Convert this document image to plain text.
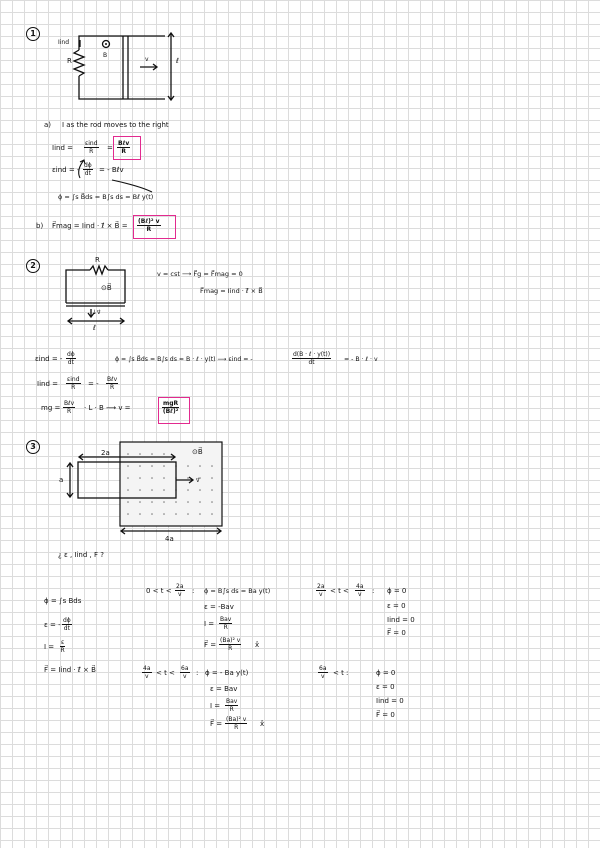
1
Iind
R
B
v	ℓ
a) I as the rod moves to the right
Iind =
εind
R	=
Bℓv
R
εind = - $\frac{d\phi}{dt}$ = - Bℓv
ϕ = ∫s B⃗ds = B∫s ds = Bℓ y(t)
b) F⃗mag = Iind · ℓ⃗ × B⃗ =
(Bℓ)² v
R
2
R
⊙B⃗
↓v⃗
ℓ
v = cst ⟶ F⃗g = F⃗mag = 0
F⃗mag = Iind · ℓ⃗ × B⃗
εind = - $\frac{d\phi}{dt}$	ϕ = ∫s B⃗ds = B∫s ds = B · ℓ · y(t) ⟶ εind = -
d(B · ℓ · y(t))
dt	= - B · ℓ · v
Iind =
εind
R	= -
Bℓv
R
mg =
Bℓv
R	· L · B ⟶ v =
mgR
(Bℓ)²
3
2a
a
⊙B⃗
v⃗
4a
¿ ε , Iind , F ?
ϕ = ∫s Bds
ε = - $\frac{d\phi}{dt}$
$I = \frac{\varepsilon}{R}$
F⃗ = Iind · ℓ⃗ × B⃗
$0 < t < \frac{2a}{v}$ : ϕ = B∫s ds = Ba y(t)
ε = -Bav
I =
Bav
R
F⃗ = $\frac{\text{(Ba)² v}}{R}$ x̂
$\frac{2a}{v} < t < \frac{4a}{v}$ : ϕ = 0
ε = 0
Iind = 0
F⃗ = 0
$\frac{4a}{v} < t < \frac{6a}{v}$ : ϕ = - Ba y(t)
ε = Bav
I =
Bav
R
F⃗ = $\frac{\text{(Ba)² v}}{R}$ x̂
$\frac{6a}{v} < t$ :	ϕ = 0
ε = 0
Iind = 0
F⃗ = 0
